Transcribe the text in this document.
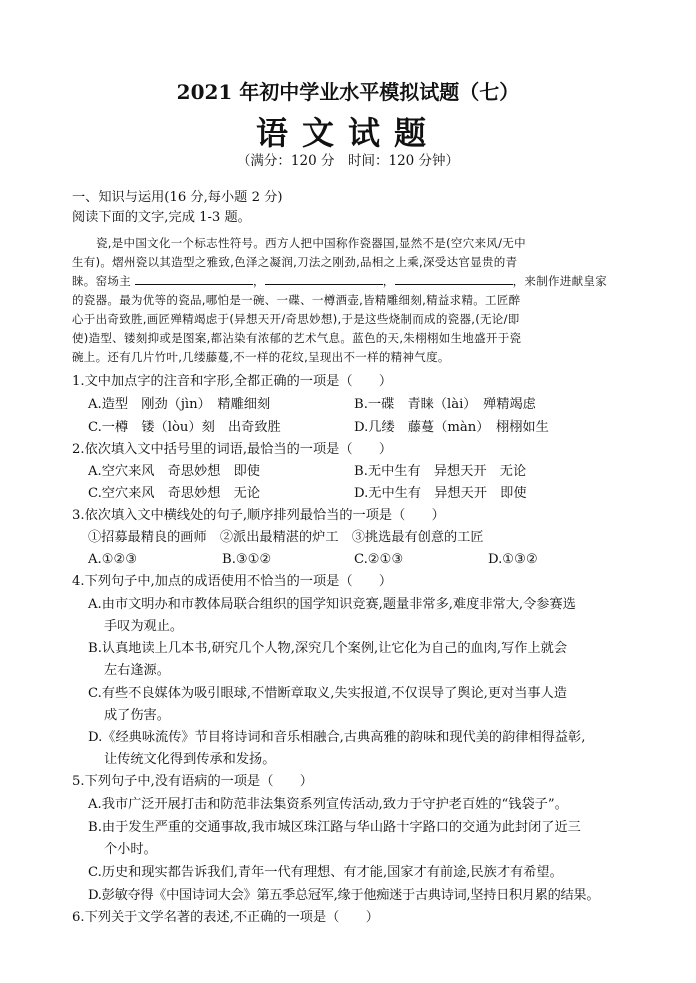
2021 年初中学业水平模拟试题（七）
语文试题
（满分：120 分　时间：120 分钟）
一、知识与运用(16 分,每小题 2 分)
阅读下面的文字,完成 1-3 题。
瓷,是中国文化一个标志性符号。西方人把中国称作瓷器国,显然不是(空穴来风/无中
生有)。熠州瓷以其造型之雅致,色泽之凝润,刀法之刚劲,品相之上乘,深受达官显贵的青
睐。窑场主	，	，	，来制作进献皇家
的瓷器。最为优等的瓷品,哪怕是一碗、一碟、一樽酒壶,皆精雕细刻,精益求精。工匠醉
心于出奇致胜,画匠殚精竭虑于(异想天开/奇思妙想),于是这些烧制而成的瓷器,(无论/即
使)造型、镂刻抑或是图案,都沾染有浓郁的艺术气息。蓝色的天,朱栩栩如生地盛开于瓷
碗上。还有几片竹叶,几缕藤蔓,不一样的花纹,呈现出不一样的精神气度。
1.文中加点字的注音和字形,全都正确的一项是（　　）
A.造型　刚劲（jìn）　精雕细刻	B.一碟　青睐（lài）　殚精竭虑
C.一樽　镂（lòu）刻　出奇致胜	D.几缕　藤蔓（màn）　栩栩如生
2.依次填入文中括号里的词语,最恰当的一项是（　　）
A.空穴来风　奇思妙想　即使	B.无中生有　异想天开　无论
C.空穴来风　奇思妙想　无论	D.无中生有　异想天开　即使
3.依次填入文中横线处的句子,顺序排列最恰当的一项是（　　）
①招募最精良的画师　②派出最精湛的炉工　③挑选最有创意的工匠
A.①②③	B.③①②	C.②①③	D.①③②
4.下列句子中,加点的成语使用不恰当的一项是（　　）
A.由市文明办和市教体局联合组织的国学知识竞赛,题量非常多,难度非常大,令参赛选
手叹为观止。
B.认真地读上几本书,研究几个人物,深究几个案例,让它化为自己的血肉,写作上就会
左右逢源。
C.有些不良媒体为吸引眼球,不惜断章取义,失实报道,不仅误导了舆论,更对当事人造
成了伤害。
D.《经典咏流传》节目将诗词和音乐相融合,古典高雅的韵味和现代美的韵律相得益彰,
让传统文化得到传承和发扬。
5.下列句子中,没有语病的一项是（　　）
A.我市广泛开展打击和防范非法集资系列宣传活动,致力于守护老百姓的“钱袋子”。
B.由于发生严重的交通事故,我市城区珠江路与华山路十字路口的交通为此封闭了近三
个小时。
C.历史和现实都告诉我们,青年一代有理想、有才能,国家才有前途,民族才有希望。
D.彭敏夺得《中国诗词大会》第五季总冠军,缘于他痴迷于古典诗词,坚持日积月累的结果。
6.下列关于文学名著的表述,不正确的一项是（　　）
